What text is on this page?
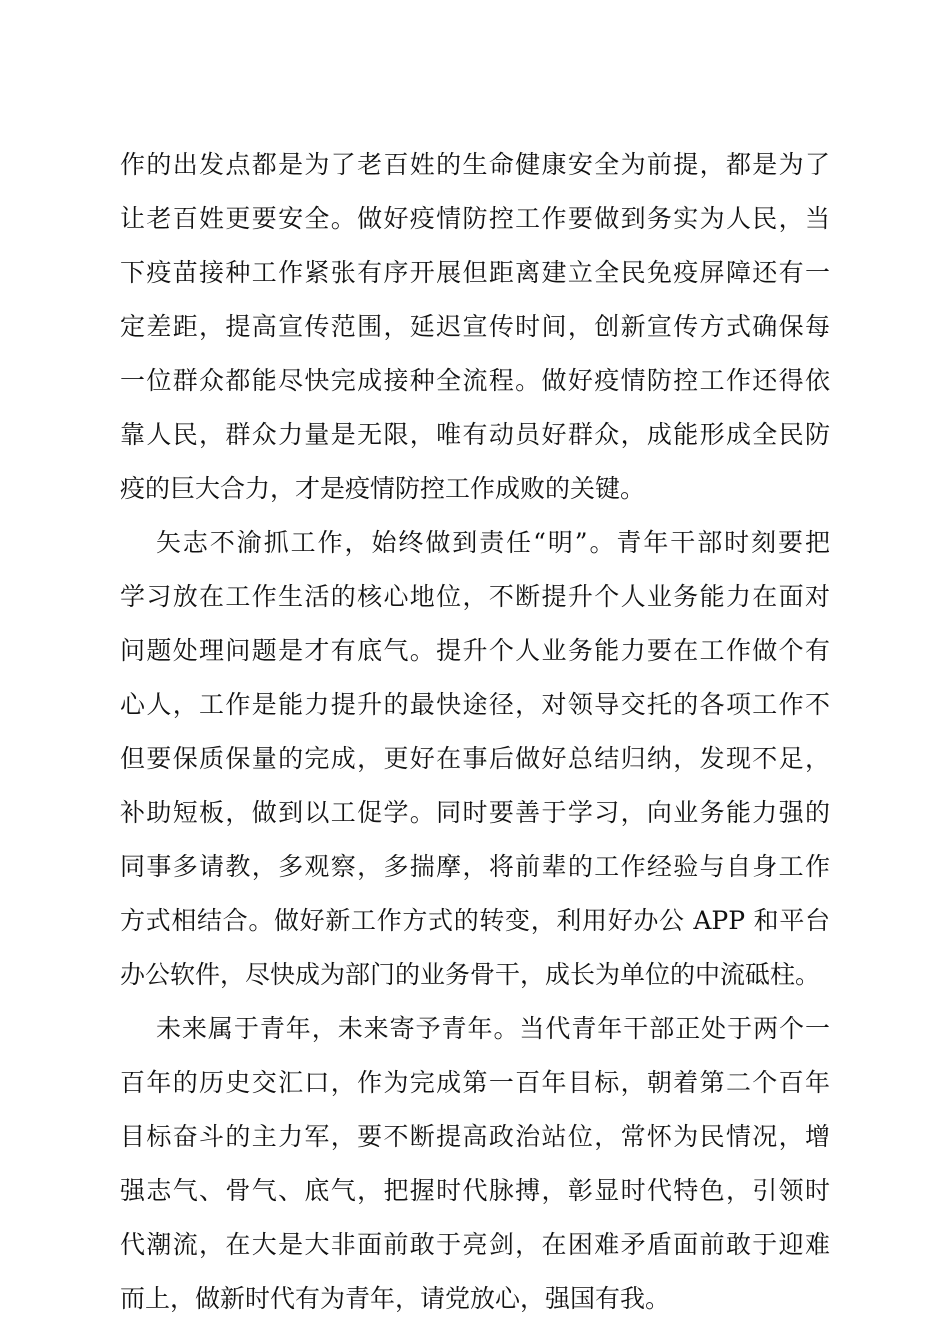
作的出发点都是为了老百姓的生命健康安全为前提，都是为了
让老百姓更要安全。做好疫情防控工作要做到务实为人民，当
下疫苗接种工作紧张有序开展但距离建立全民免疫屏障还有一
定差距，提高宣传范围，延迟宣传时间，创新宣传方式确保每
一位群众都能尽快完成接种全流程。做好疫情防控工作还得依
靠人民，群众力量是无限，唯有动员好群众，成能形成全民防
疫的巨大合力，才是疫情防控工作成败的关键。
矢志不渝抓工作，始终做到责任“明”。青年干部时刻要把
学习放在工作生活的核心地位，不断提升个人业务能力在面对
问题处理问题是才有底气。提升个人业务能力要在工作做个有
心人，工作是能力提升的最快途径，对领导交托的各项工作不
但要保质保量的完成，更好在事后做好总结归纳，发现不足，
补助短板，做到以工促学。同时要善于学习，向业务能力强的
同事多请教，多观察，多揣摩，将前辈的工作经验与自身工作
方式相结合。做好新工作方式的转变，利用好办公 APP 和平台
办公软件，尽快成为部门的业务骨干，成长为单位的中流砥柱。
未来属于青年，未来寄予青年。当代青年干部正处于两个一
百年的历史交汇口，作为完成第一百年目标，朝着第二个百年
目标奋斗的主力军，要不断提高政治站位，常怀为民情况，增
强志气、骨气、底气，把握时代脉搏，彰显时代特色，引领时
代潮流，在大是大非面前敢于亮剑，在困难矛盾面前敢于迎难
而上，做新时代有为青年，请党放心，强国有我。
